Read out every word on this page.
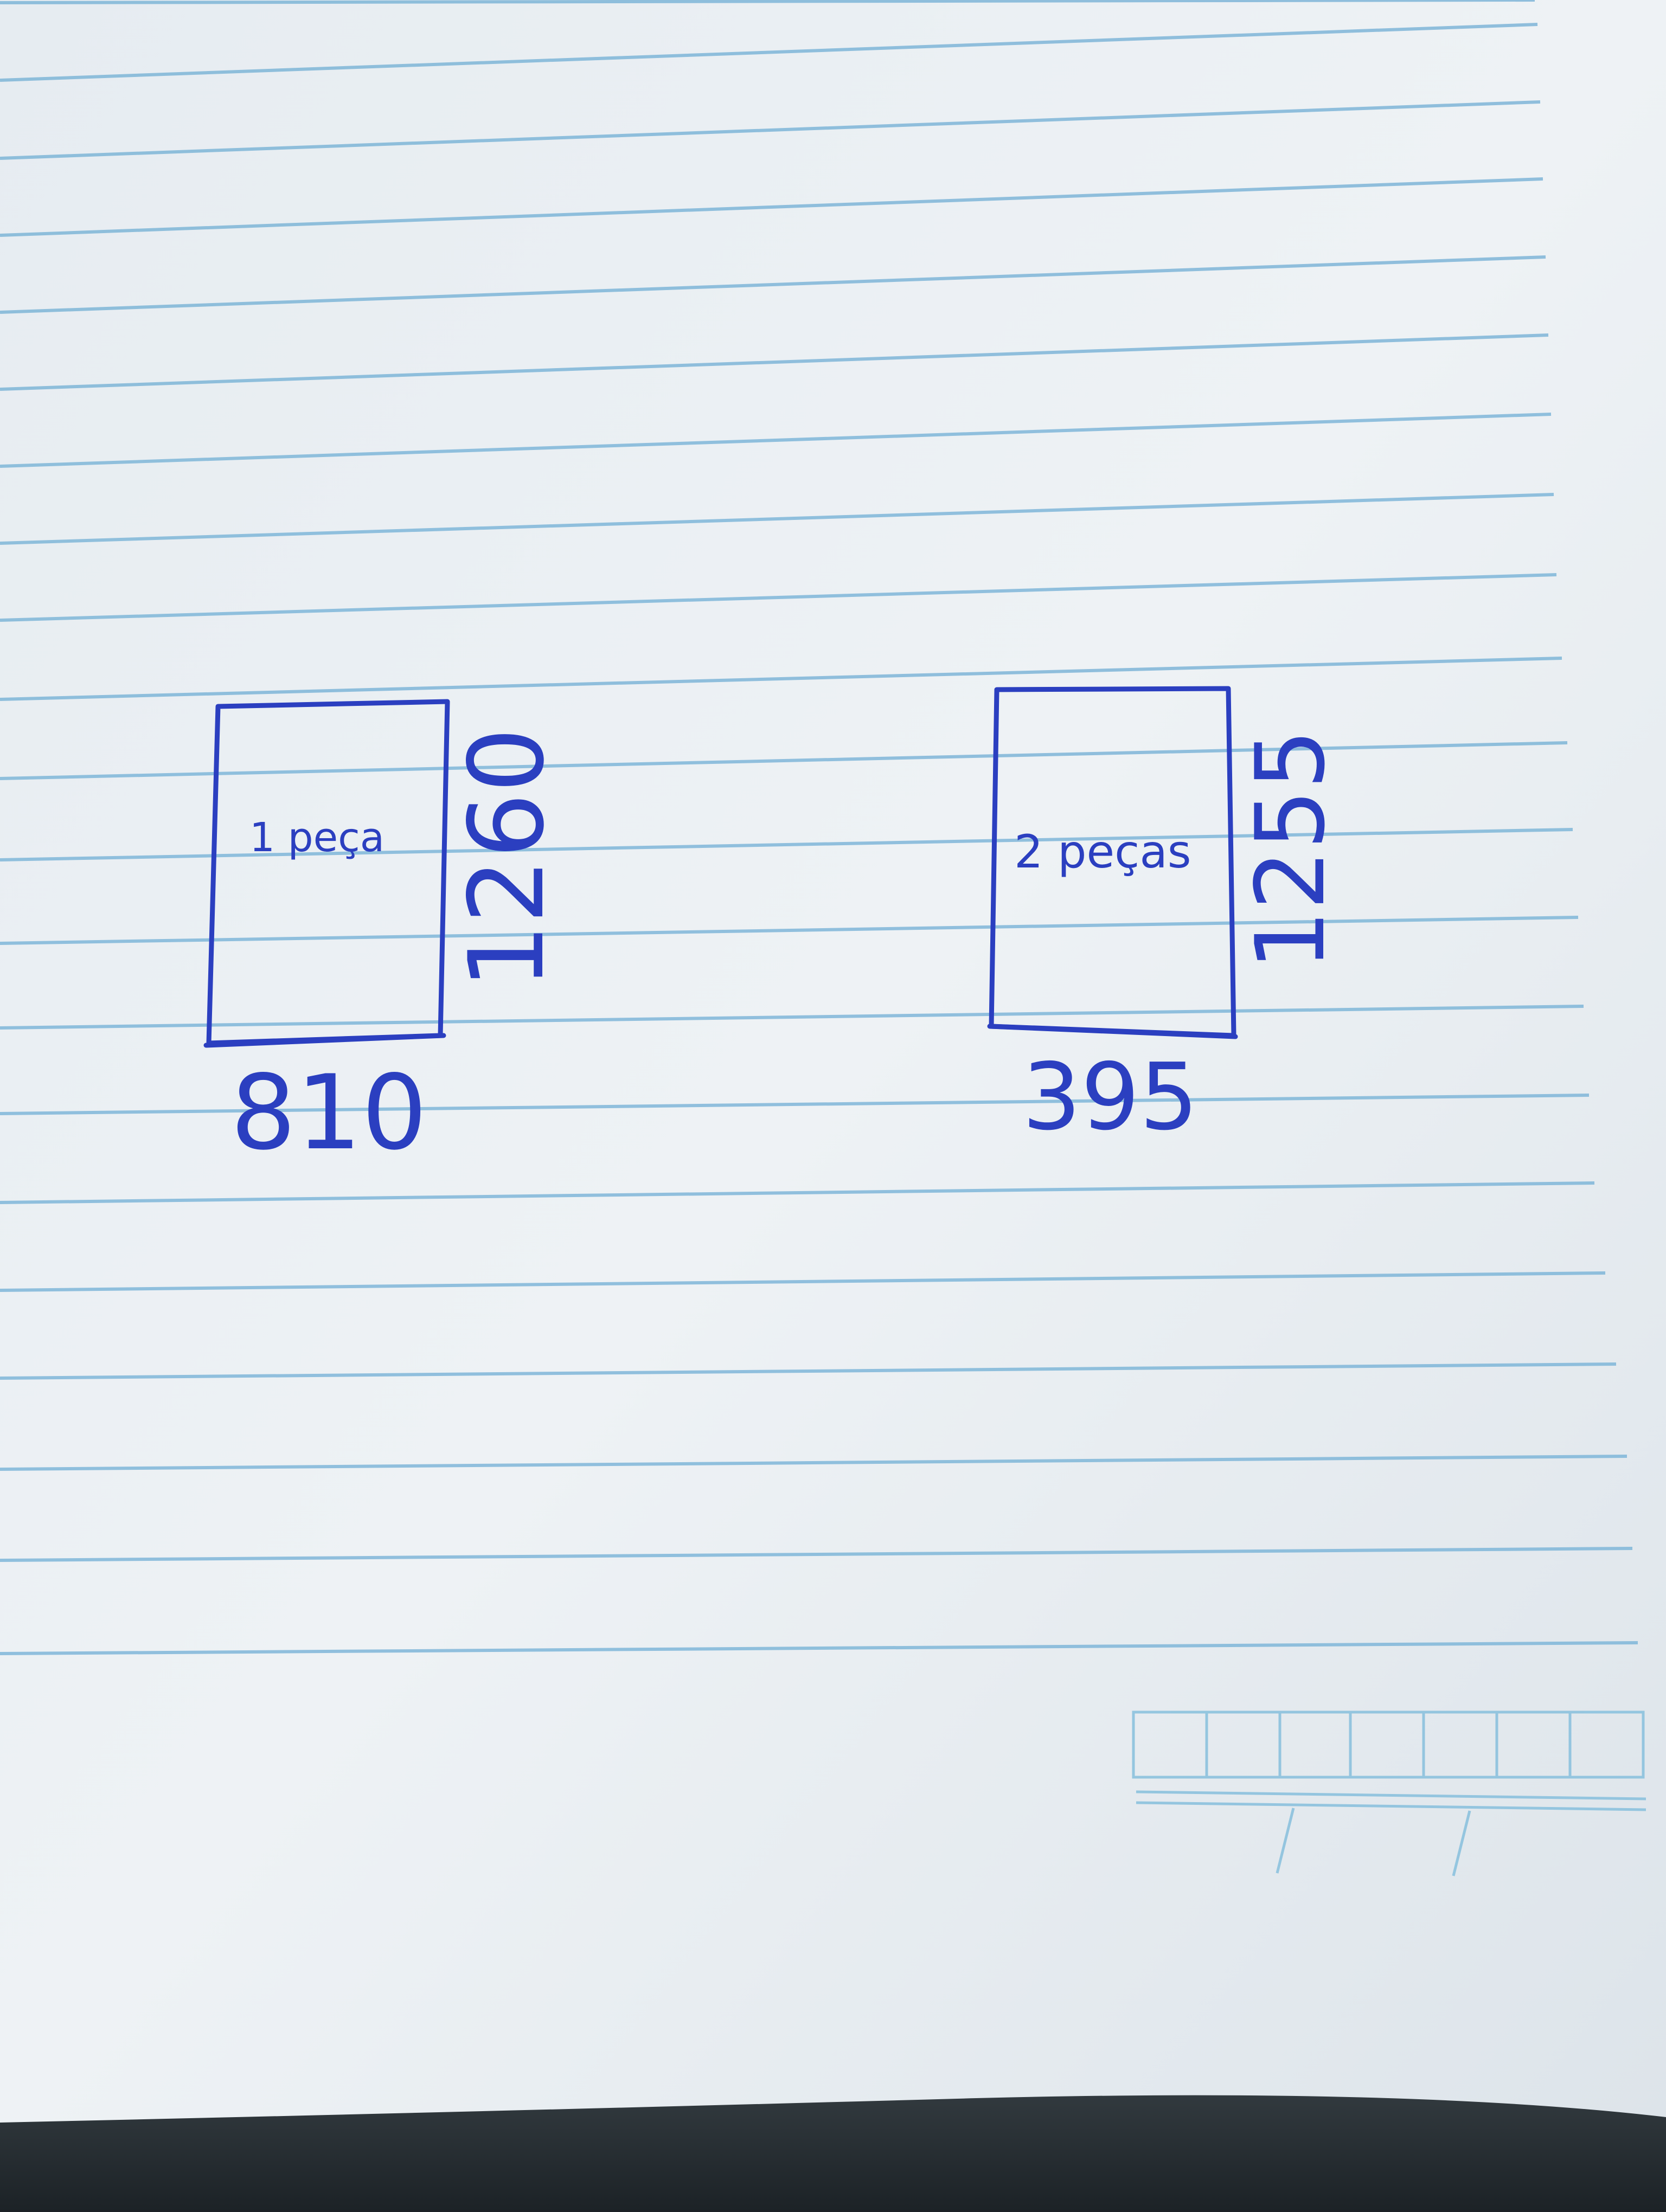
1 peça
810
1260	2 peças
395
1255
